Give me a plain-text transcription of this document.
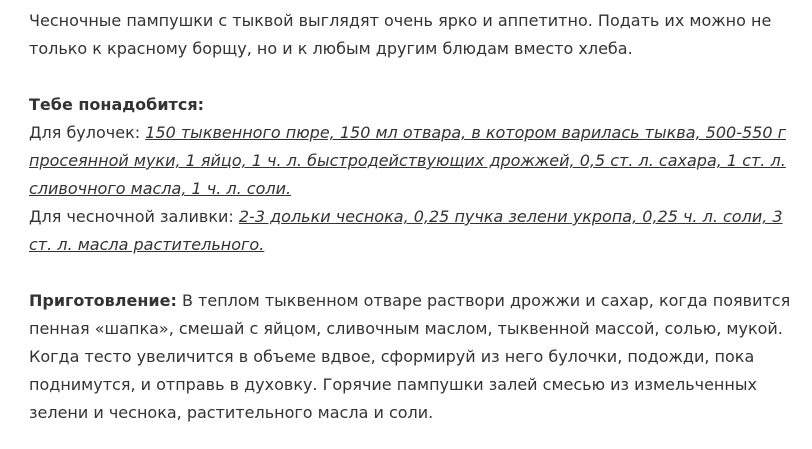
Чесночные пампушки с тыквой выглядят очень ярко и аппетитно. Подать их можно не только к красному борщу, но и к любым другим блюдам вместо хлеба.

Тебе понадобится:
Для булочек: 150 тыквенного пюре, 150 мл отвара, в котором варилась тыква, 500-550 г просеянной муки, 1 яйцо, 1 ч. л. быстродействующих дрожжей, 0,5 ст. л. сахара, 1 ст. л. сливочного масла, 1 ч. л. соли.
Для чесночной заливки: 2-3 дольки чеснока, 0,25 пучка зелени укропа, 0,25 ч. л. соли, 3 ст. л. масла растительного.

Приготовление: В теплом тыквенном отваре раствори дрожжи и сахар, когда появится пенная «шапка», смешай с яйцом, сливочным маслом, тыквенной массой, солью, мукой. Когда тесто увеличится в объеме вдвое, сформируй из него булочки, подожди, пока поднимутся, и отправь в духовку. Горячие пампушки залей смесью из измельченных зелени и чеснока, растительного масла и соли.
